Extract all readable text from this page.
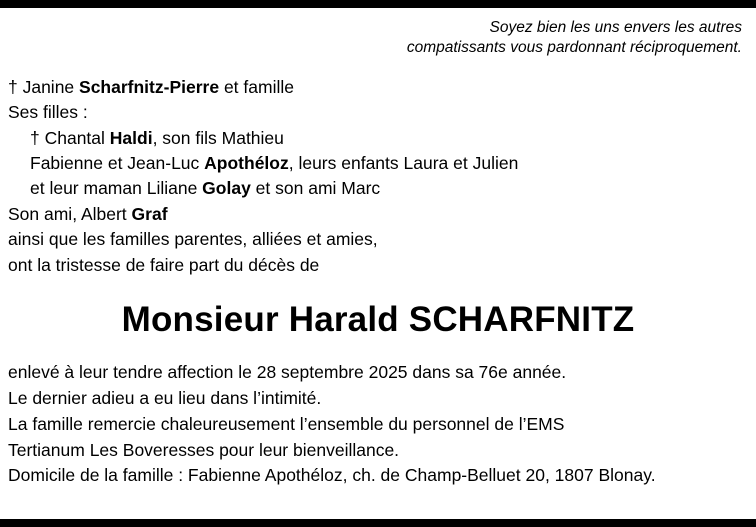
Soyez bien les uns envers les autres
compatissants vous pardonnant réciproquement.
† Janine Scharfnitz-Pierre et famille
Ses filles :
† Chantal Haldi, son fils Mathieu
Fabienne et Jean-Luc Apothéloz, leurs enfants Laura et Julien
et leur maman Liliane Golay et son ami Marc
Son ami, Albert Graf
ainsi que les familles parentes, alliées et amies,
ont la tristesse de faire part du décès de
Monsieur Harald SCHARFNITZ
enlevé à leur tendre affection le 28 septembre 2025 dans sa 76e année.
Le dernier adieu a eu lieu dans l’intimité.
La famille remercie chaleureusement l’ensemble du personnel de l’EMS
Tertianum Les Boveresses pour leur bienveillance.
Domicile de la famille : Fabienne Apothéloz, ch. de Champ-Belluet 20, 1807 Blonay.
